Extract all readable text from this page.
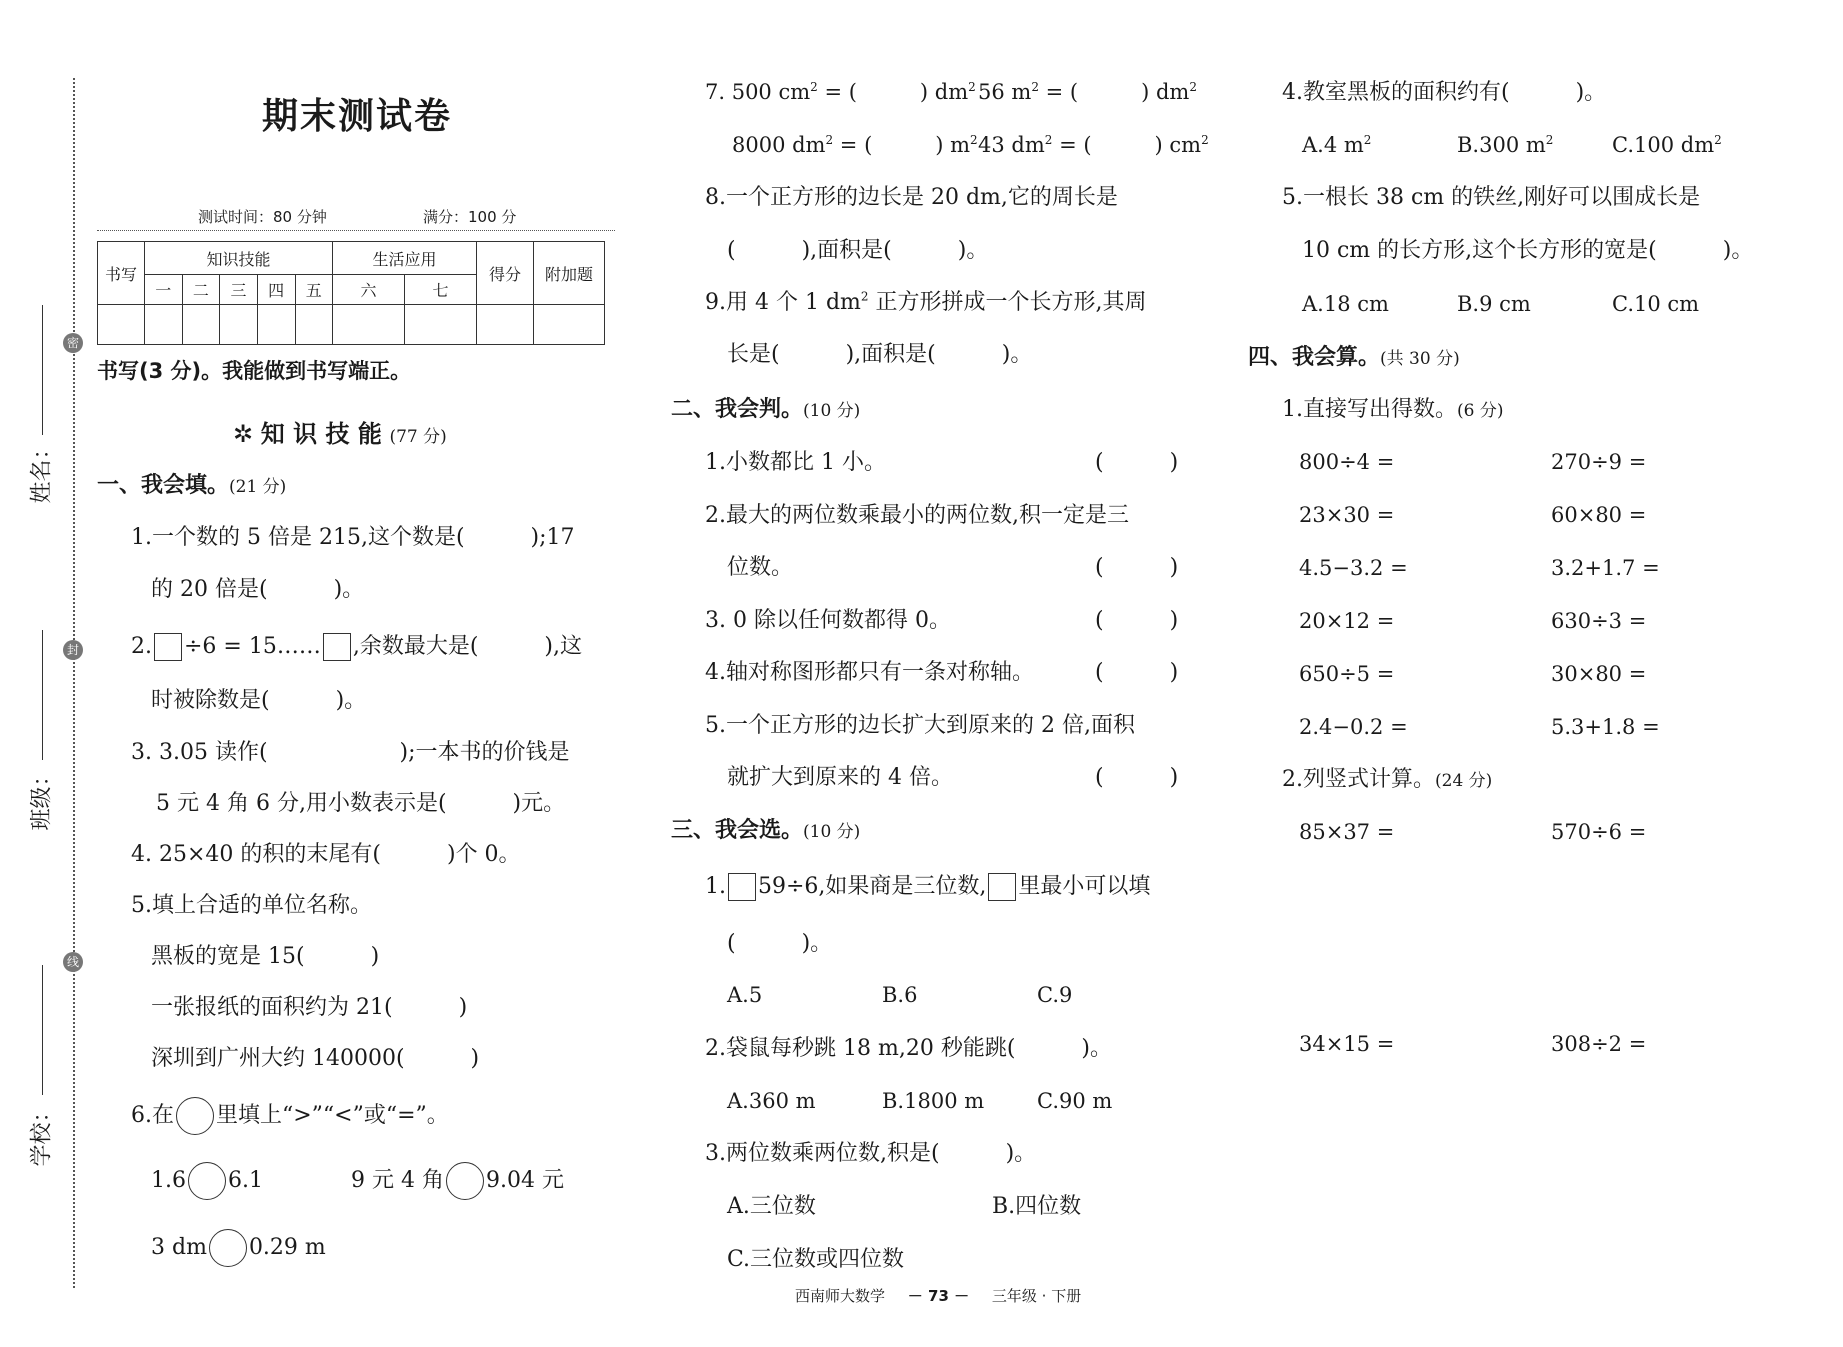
密
封
线
姓名：
班级：
学校：
期末测试卷
测试时间：80 分钟	满分：100 分
书写	知识技能					生活应用		得分	附加题
	一	二	三	四	五	六	七		

书写(3 分)。我能做到书写端正。
✲ 知 识 技 能 (77 分)
一、我会填。(21 分)
1.一个数的 5 倍是 215,这个数是(　　　);17
的 20 倍是(　　　)。
2. ÷6 = 15…… ,余数最大是(　　　),这
时被除数是(　　　)。
3. 3.05 读作(　　　　　　);一本书的价钱是
5 元 4 角 6 分,用小数表示是(　　　)元。
4. 25×40 的积的末尾有(　　　)个 0。
5.填上合适的单位名称。
黑板的宽是 15(　　　)
一张报纸的面积约为 21(　　　)
深圳到广州大约 140000(　　　)
6.在 里填上“>”“<”或“=”。
1.6 6.1	9 元 4 角 9.04 元
3 dm 0.29 m
7. 500 $cm^2$ = (　　　) $dm^2$ 56 $m^2$ = (　　　) $dm^2$
8000 $dm^2$ = (　　　) $m^2$ 43 $dm^2$ = (　　　) $cm^2$
8.一个正方形的边长是 20 dm,它的周长是
(　　　),面积是(　　　)。
9.用 4 个 1 $dm^2$ 正方形拼成一个长方形,其周
长是(　　　),面积是(　　　)。
二、我会判。(10 分)
1.小数都比 1 小。	(　　　)
2.最大的两位数乘最小的两位数,积一定是三
位数。	(　　　)
3. 0 除以任何数都得 0。	(　　　)
4.轴对称图形都只有一条对称轴。	(　　　)
5.一个正方形的边长扩大到原来的 2 倍,面积
就扩大到原来的 4 倍。	(　　　)
三、我会选。(10 分)
1. 59÷6,如果商是三位数, 里最小可以填
(　　　)。
A.5	B.6	C.9
2.袋鼠每秒跳 18 m,20 秒能跳(　　　)。
A.360 m	B.1800 m	C.90 m
3.两位数乘两位数,积是(　　　)。
A.三位数	B.四位数
C.三位数或四位数
4.教室黑板的面积约有(　　　)。
A.4 $m^2$	B.300 $m^2$	C.100 $dm^2$
5.一根长 38 cm 的铁丝,刚好可以围成长是
10 cm 的长方形,这个长方形的宽是(　　　)。
A.18 cm	B.9 cm	C.10 cm
四、我会算。(共 30 分)
1.直接写出得数。(6 分)
800÷4 =	270÷9 =
23×30 =	60×80 =
4.5−3.2 =	3.2+1.7 =
20×12 =	630÷3 =
650÷5 =	30×80 =
2.4−0.2 =	5.3+1.8 =
2.列竖式计算。(24 分)
85×37 =	570÷6 =
34×15 =	308÷2 =
西南师大数学 － 73 － 三年级 · 下册
